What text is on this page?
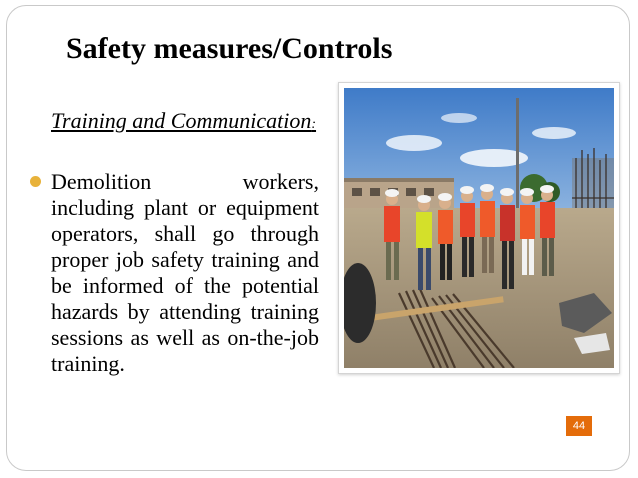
Safety measures/Controls
Training and Communication:
Demolition workers, including plant or equipment operators, shall go through proper job safety training and be informed of the potential hazards by attending training sessions as well as on-the-job training.
44
